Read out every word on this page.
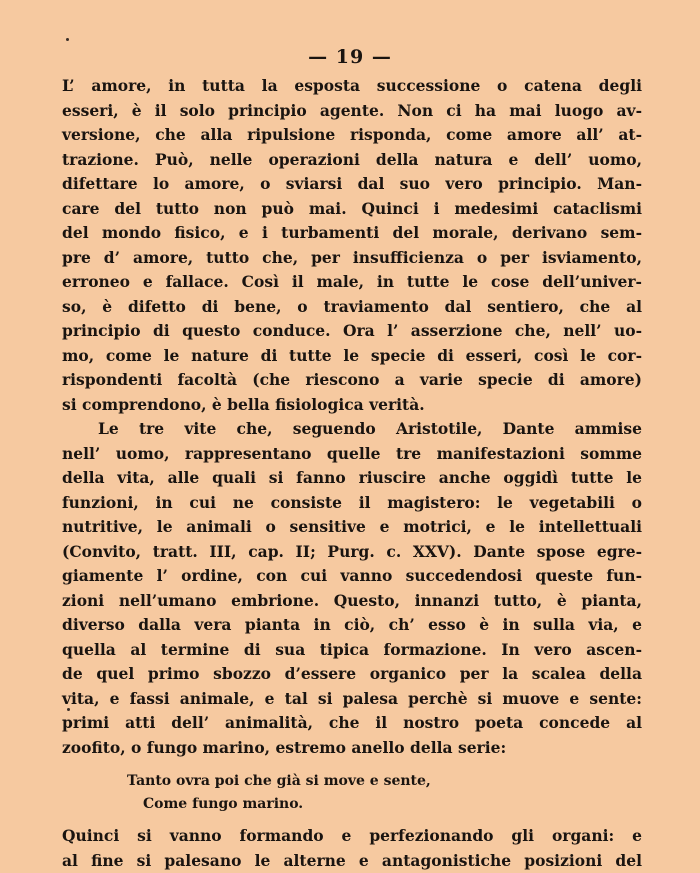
— 19 —
L’ amore, in tutta la esposta successione o catena degli
esseri, è il solo principio agente. Non ci ha mai luogo av-
versione, che alla ripulsione risponda, come amore all’ at-
trazione. Può, nelle operazioni della natura e dell’ uomo,
difettare lo amore, o sviarsi dal suo vero principio. Man-
care del tutto non può mai. Quinci i medesimi cataclismi
del mondo fisico, e i turbamenti del morale, derivano sem-
pre d’ amore, tutto che, per insufficienza o per isviamento,
erroneo e fallace. Così il male, in tutte le cose dell’univer-
so, è difetto di bene, o traviamento dal sentiero, che al
principio di questo conduce. Ora l’ asserzione che, nell’ uo-
mo, come le nature di tutte le specie di esseri, così le cor-
rispondenti facoltà (che riescono a varie specie di amore)
si comprendono, è bella fisiologica verità.
Le tre vite che, seguendo Aristotile, Dante ammise
nell’ uomo, rappresentano quelle tre manifestazioni somme
della vita, alle quali si fanno riuscire anche oggidì tutte le
funzioni, in cui ne consiste il magistero: le vegetabili o
nutritive, le animali o sensitive e motrici, e le intellettuali
(Convito, tratt. III, cap. II; Purg. c. XXV). Dante spose egre-
giamente l’ ordine, con cui vanno succedendosi queste fun-
zioni nell’umano embrione. Questo, innanzi tutto, è pianta,
diverso dalla vera pianta in ciò, ch’ esso è in sulla via, e
quella al termine di sua tipica formazione. In vero ascen-
de quel primo sbozzo d’essere organico per la scalea della
vita, e fassi animale, e tal si palesa perchè si muove e sente:
primi atti dell’ animalità, che il nostro poeta concede al
zoofito, o fungo marino, estremo anello della serie:
Tanto ovra poi che già si move e sente,
Come fungo marino.
Quinci si vanno formando e perfezionando gli organi: e
al fine si palesano le alterne e antagonistiche posizioni del
